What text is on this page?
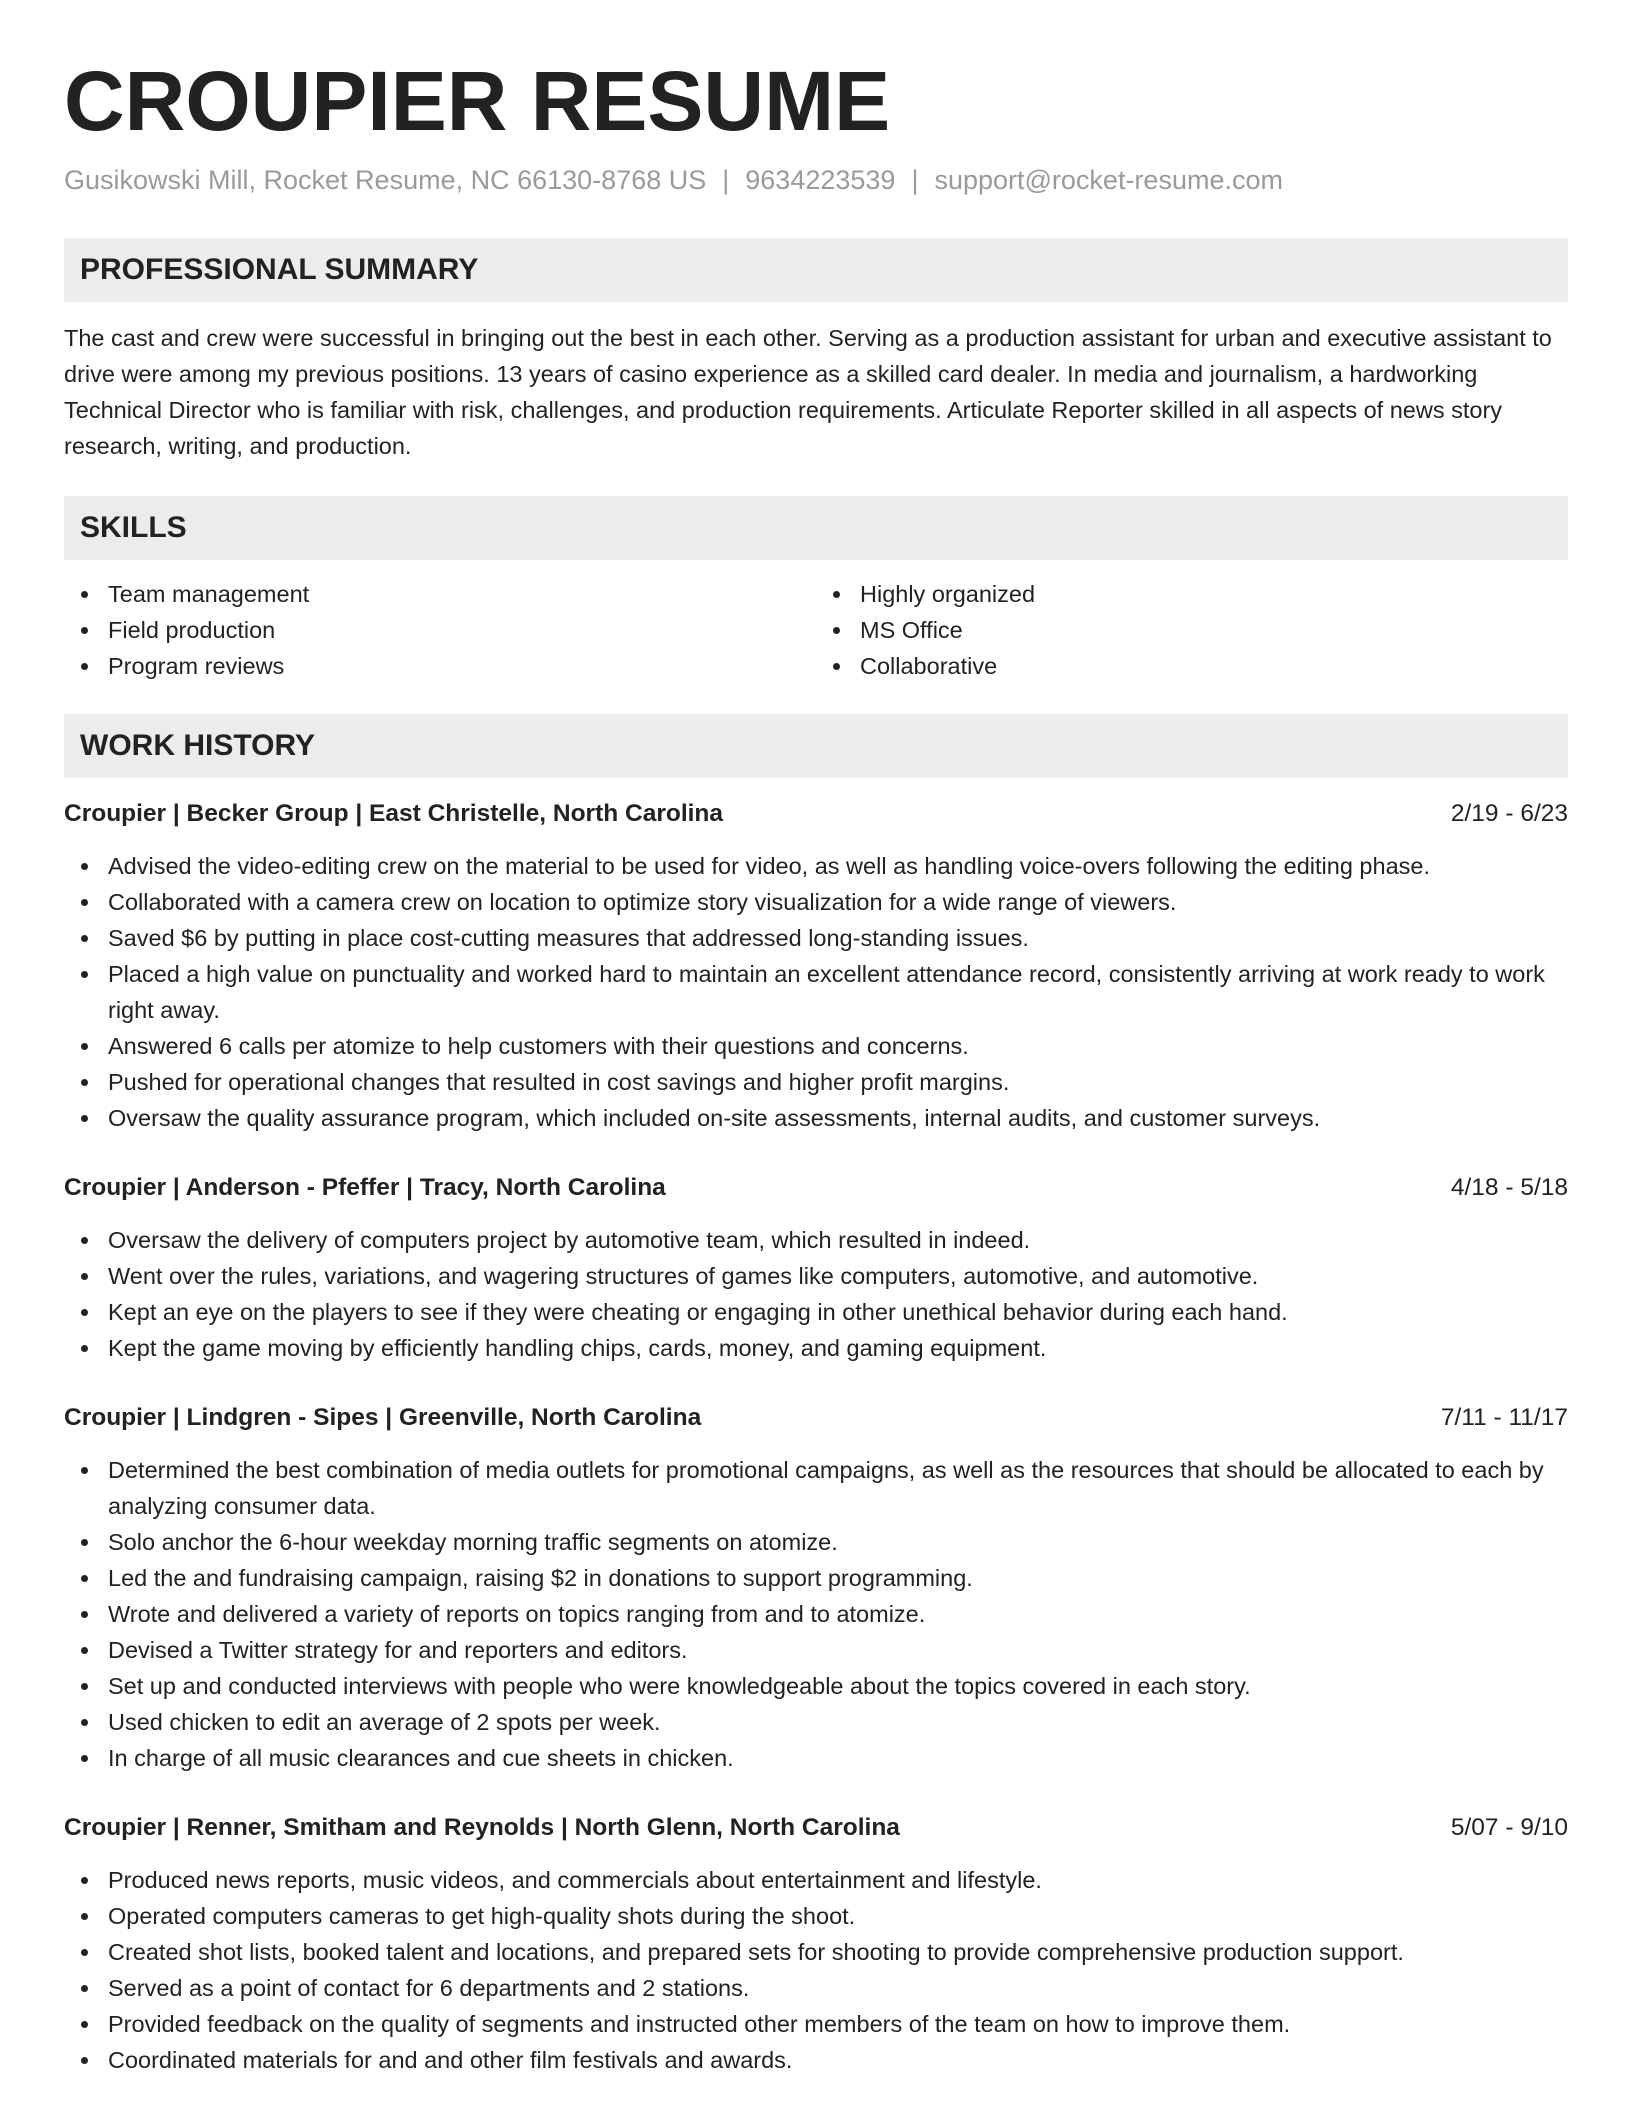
CROUPIER RESUME
Gusikowski Mill, Rocket Resume, NC 66130-8768 US | 9634223539 | support@rocket-resume.com
PROFESSIONAL SUMMARY

The cast and crew were successful in bringing out the best in each other. Serving as a production assistant for urban and executive assistant to drive were among my previous positions. 13 years of casino experience as a skilled card dealer. In media and journalism, a hardworking Technical Director who is familiar with risk, challenges, and production requirements. Articulate Reporter skilled in all aspects of news story research, writing, and production.

SKILLS
Team management
Field production
Program reviews
Highly organized
MS Office
Collaborative
WORK HISTORY
Croupier | Becker Group | East Christelle, North Carolina	2/19 - 6/23
Advised the video-editing crew on the material to be used for video, as well as handling voice-overs following the editing phase.
Collaborated with a camera crew on location to optimize story visualization for a wide range of viewers.
Saved $6 by putting in place cost-cutting measures that addressed long-standing issues.
Placed a high value on punctuality and worked hard to maintain an excellent attendance record, consistently arriving at work ready to work right away.
Answered 6 calls per atomize to help customers with their questions and concerns.
Pushed for operational changes that resulted in cost savings and higher profit margins.
Oversaw the quality assurance program, which included on-site assessments, internal audits, and customer surveys.
Croupier | Anderson - Pfeffer | Tracy, North Carolina	4/18 - 5/18
Oversaw the delivery of computers project by automotive team, which resulted in indeed.
Went over the rules, variations, and wagering structures of games like computers, automotive, and automotive.
Kept an eye on the players to see if they were cheating or engaging in other unethical behavior during each hand.
Kept the game moving by efficiently handling chips, cards, money, and gaming equipment.
Croupier | Lindgren - Sipes | Greenville, North Carolina	7/11 - 11/17
Determined the best combination of media outlets for promotional campaigns, as well as the resources that should be allocated to each by analyzing consumer data.
Solo anchor the 6-hour weekday morning traffic segments on atomize.
Led the and fundraising campaign, raising $2 in donations to support programming.
Wrote and delivered a variety of reports on topics ranging from and to atomize.
Devised a Twitter strategy for and reporters and editors.
Set up and conducted interviews with people who were knowledgeable about the topics covered in each story.
Used chicken to edit an average of 2 spots per week.
In charge of all music clearances and cue sheets in chicken.
Croupier | Renner, Smitham and Reynolds | North Glenn, North Carolina	5/07 - 9/10
Produced news reports, music videos, and commercials about entertainment and lifestyle.
Operated computers cameras to get high-quality shots during the shoot.
Created shot lists, booked talent and locations, and prepared sets for shooting to provide comprehensive production support.
Served as a point of contact for 6 departments and 2 stations.
Provided feedback on the quality of segments and instructed other members of the team on how to improve them.
Coordinated materials for and and other film festivals and awards.
